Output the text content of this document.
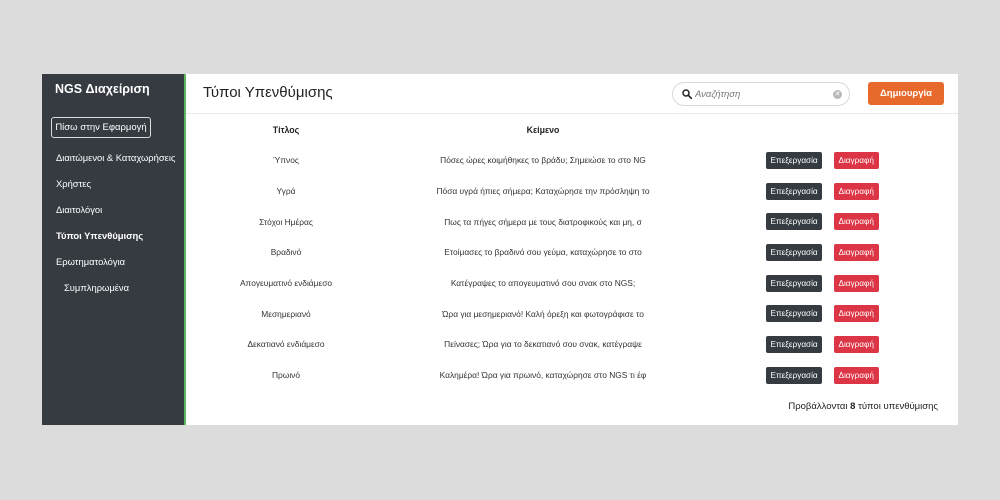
NGS Διαχείριση
Πίσω στην Εφαρμογή
Διαιτώμενοι & Καταχωρήσεις
Χρήστες
Διαιτολόγοι
Τύποι Υπενθύμισης
Ερωτηματολόγια
Συμπληρωμένα
Τύποι Υπενθύμισης
Αναζήτηση	✕	Δημιουργία
Τίτλος	Κείμενο	
Ύπνος	Πόσες ώρες κοιμήθηκες το βράδυ; Σημειώσε το στο NG	Επεξεργασία Διαγραφή
Υγρά	Πόσα υγρά ήπιες σήμερα; Καταχώρησε την πρόσληψη το	Επεξεργασία Διαγραφή
Στόχοι Ημέρας	Πως τα πήγες σήμερα με τους διατροφικούς και μη, σ	Επεξεργασία Διαγραφή
Βραδινό	Ετοίμασες το βραδινό σου γεύμα, καταχώρησε το στο	Επεξεργασία Διαγραφή
Απογευματινό ενδιάμεσο	Κατέγραψες το απογευματινό σου σνακ στο NGS;	Επεξεργασία Διαγραφή
Μεσημεριανό	Ώρα για μεσημεριανό! Καλή όρεξη και φωτογράφισε το	Επεξεργασία Διαγραφή
Δεκατιανό ενδιάμεσο	Πείνασες; Ώρα για το δεκατιανό σου σνακ, κατέγραψε	Επεξεργασία Διαγραφή
Πρωινό	Καλημέρα! Ώρα για πρωινό, καταχώρησε στο NGS τι έφ	Επεξεργασία Διαγραφή
Προβάλλονται 8 τύποι υπενθύμισης
